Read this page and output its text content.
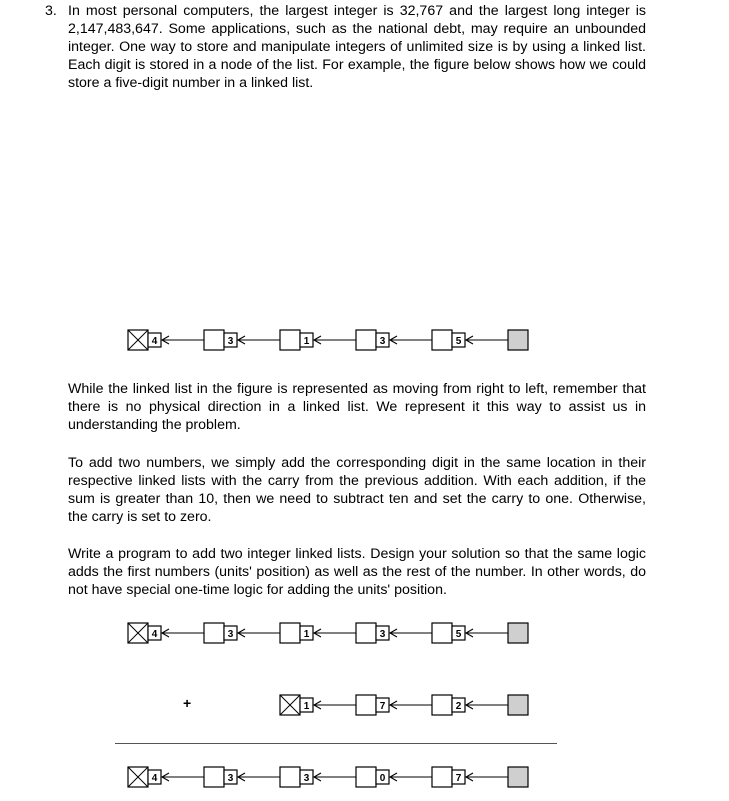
3. In most personal computers, the largest integer is 32,767 and the largest long integer is 2,147,483,647. Some applications, such as the national debt, may require an unbounded integer. One way to store and manipulate integers of unlimited size is by using a linked list. Each digit is stored in a node of the list. For example, the figure below shows how we could store a five-digit number in a linked list.

4	3	1	3	5

While the linked list in the figure is represented as moving from right to left, remember that there is no physical direction in a linked list. We represent it this way to assist us in understanding the problem.

To add two numbers, we simply add the corresponding digit in the same location in their respective linked lists with the carry from the previous addition. With each addition, if the sum is greater than 10, then we need to subtract ten and set the carry to one. Otherwise, the carry is set to zero.

Write a program to add two integer linked lists. Design your solution so that the same logic adds the first numbers (units' position) as well as the rest of the number. In other words, do not have special one-time logic for adding the units' position.

4	3	1	3	5
+	1	7	2
4	3	3	0	7
